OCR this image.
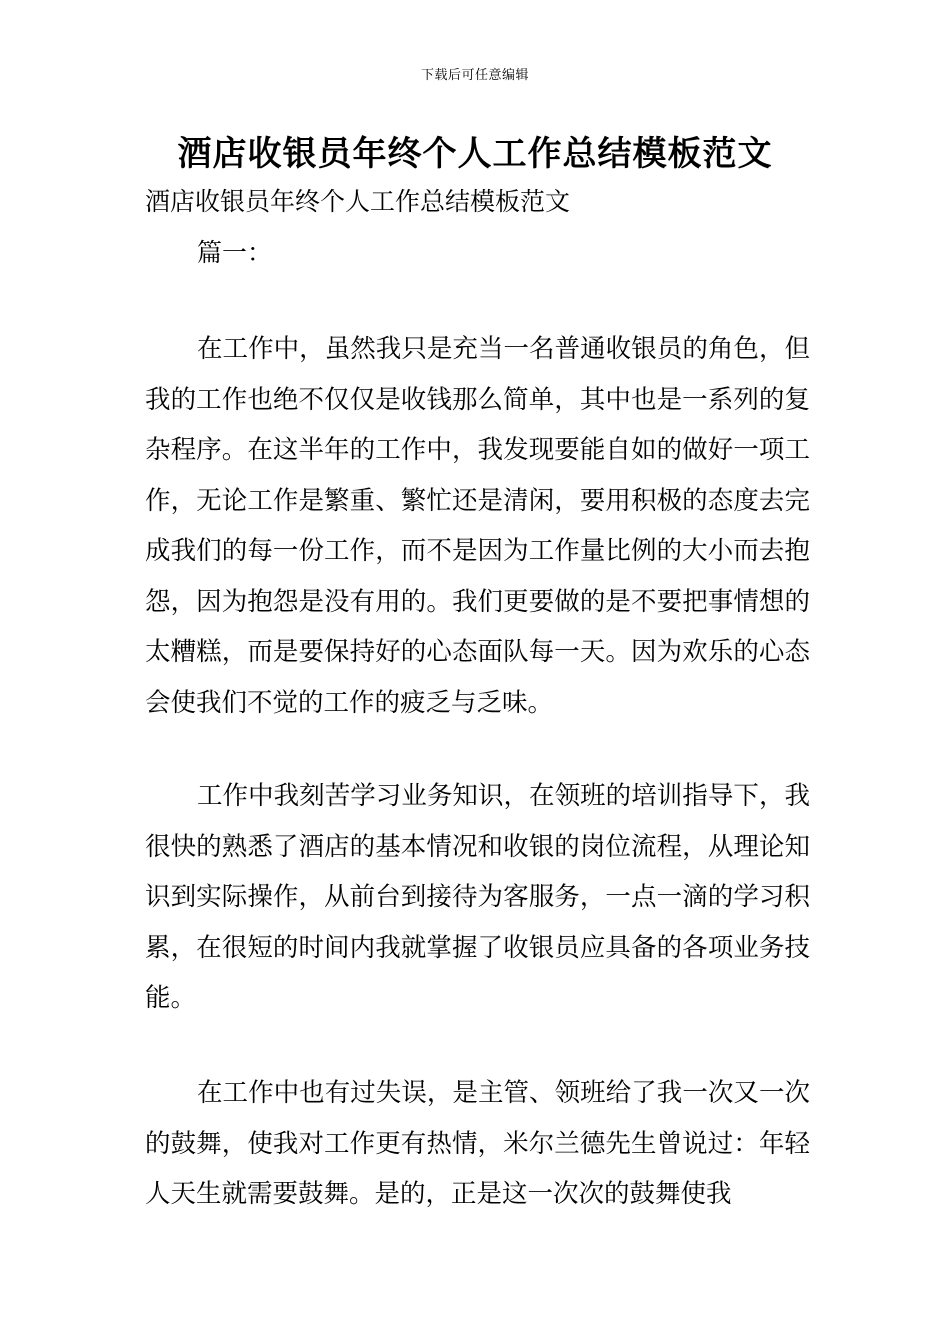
下载后可任意编辑
酒店收银员年终个人工作总结模板范文

酒店收银员年终个人工作总结模板范文

篇一：

在工作中，虽然我只是充当一名普通收银员的角色，但我的工作也绝不仅仅是收钱那么简单，其中也是一系列的复杂程序。在这半年的工作中，我发现要能自如的做好一项工作，无论工作是繁重、繁忙还是清闲，要用积极的态度去完成我们的每一份工作，而不是因为工作量比例的大小而去抱怨，因为抱怨是没有用的。我们更要做的是不要把事情想的太糟糕，而是要保持好的心态面队每一天。因为欢乐的心态会使我们不觉的工作的疲乏与乏味。

工作中我刻苦学习业务知识，在领班的培训指导下，我很快的熟悉了酒店的基本情况和收银的岗位流程，从理论知识到实际操作，从前台到接待为客服务，一点一滴的学习积累，在很短的时间内我就掌握了收银员应具备的各项业务技能。

在工作中也有过失误，是主管、领班给了我一次又一次的鼓舞，使我对工作更有热情，米尔兰德先生曾说过：年轻人天生就需要鼓舞。是的，正是这一次次的鼓舞使我
